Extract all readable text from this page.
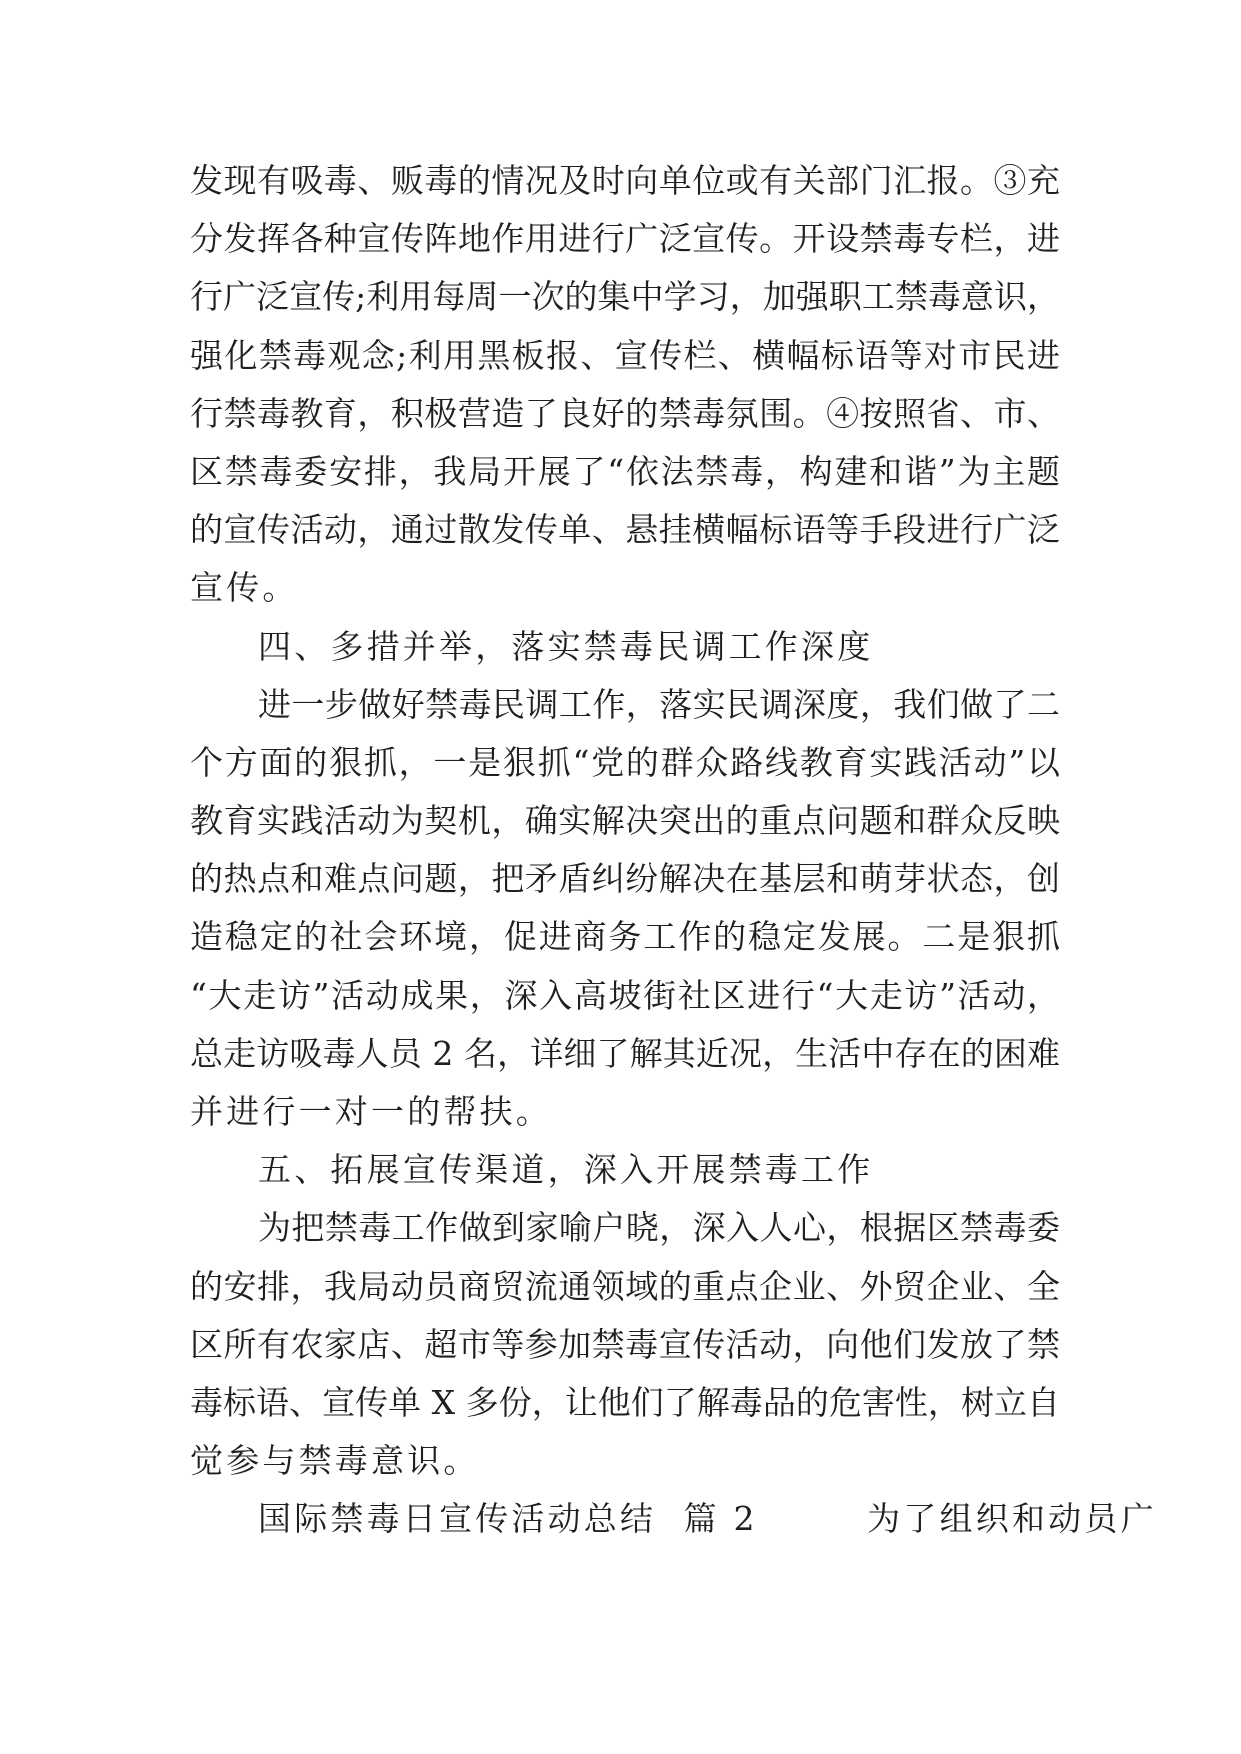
发现有吸毒、贩毒的情况及时向单位或有关部门汇报。③充
分发挥各种宣传阵地作用进行广泛宣传。开设禁毒专栏，进
行广泛宣传;利用每周一次的集中学习，加强职工禁毒意识，
强化禁毒观念;利用黑板报、宣传栏、横幅标语等对市民进
行禁毒教育，积极营造了良好的禁毒氛围。④按照省、市、
区禁毒委安排，我局开展了“依法禁毒，构建和谐”为主题
的宣传活动，通过散发传单、悬挂横幅标语等手段进行广泛
宣传。
四、多措并举，落实禁毒民调工作深度
进一步做好禁毒民调工作，落实民调深度，我们做了二
个方面的狠抓，一是狠抓“党的群众路线教育实践活动”以
教育实践活动为契机，确实解决突出的重点问题和群众反映
的热点和难点问题，把矛盾纠纷解决在基层和萌芽状态，创
造稳定的社会环境，促进商务工作的稳定发展。二是狠抓
“大走访”活动成果，深入高坡街社区进行“大走访”活动，
总走访吸毒人员 2 名，详细了解其近况，生活中存在的困难
并进行一对一的帮扶。
五、拓展宣传渠道，深入开展禁毒工作
为把禁毒工作做到家喻户晓，深入人心，根据区禁毒委
的安排，我局动员商贸流通领域的重点企业、外贸企业、全
区所有农家店、超市等参加禁毒宣传活动，向他们发放了禁
毒标语、宣传单 X 多份，让他们了解毒品的危害性，树立自
觉参与禁毒意识。
国际禁毒日宣传活动总结  篇 2        为了组织和动员广
